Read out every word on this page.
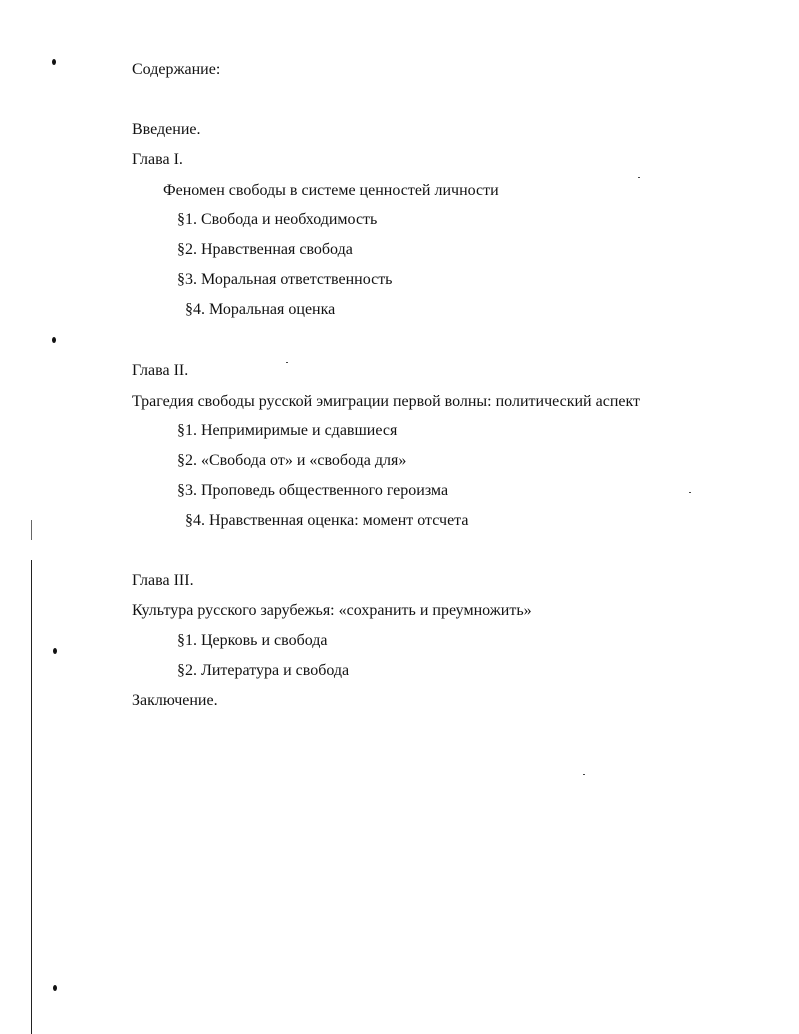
Содержание:
Введение.
Глава I.
Феномен свободы в системе ценностей личности
§1. Свобода и необходимость
§2. Нравственная свобода
§3. Моральная ответственность
§4. Моральная оценка
Глава II.
Трагедия свободы русской эмиграции первой волны: политический аспект
§1. Непримиримые и сдавшиеся
§2. «Свобода от» и «свобода для»
§3. Проповедь общественного героизма
§4. Нравственная оценка: момент отсчета
Глава III.
Культура русского зарубежья: «сохранить и преумножить»
§1. Церковь и свобода
§2. Литература и свобода
Заключение.
